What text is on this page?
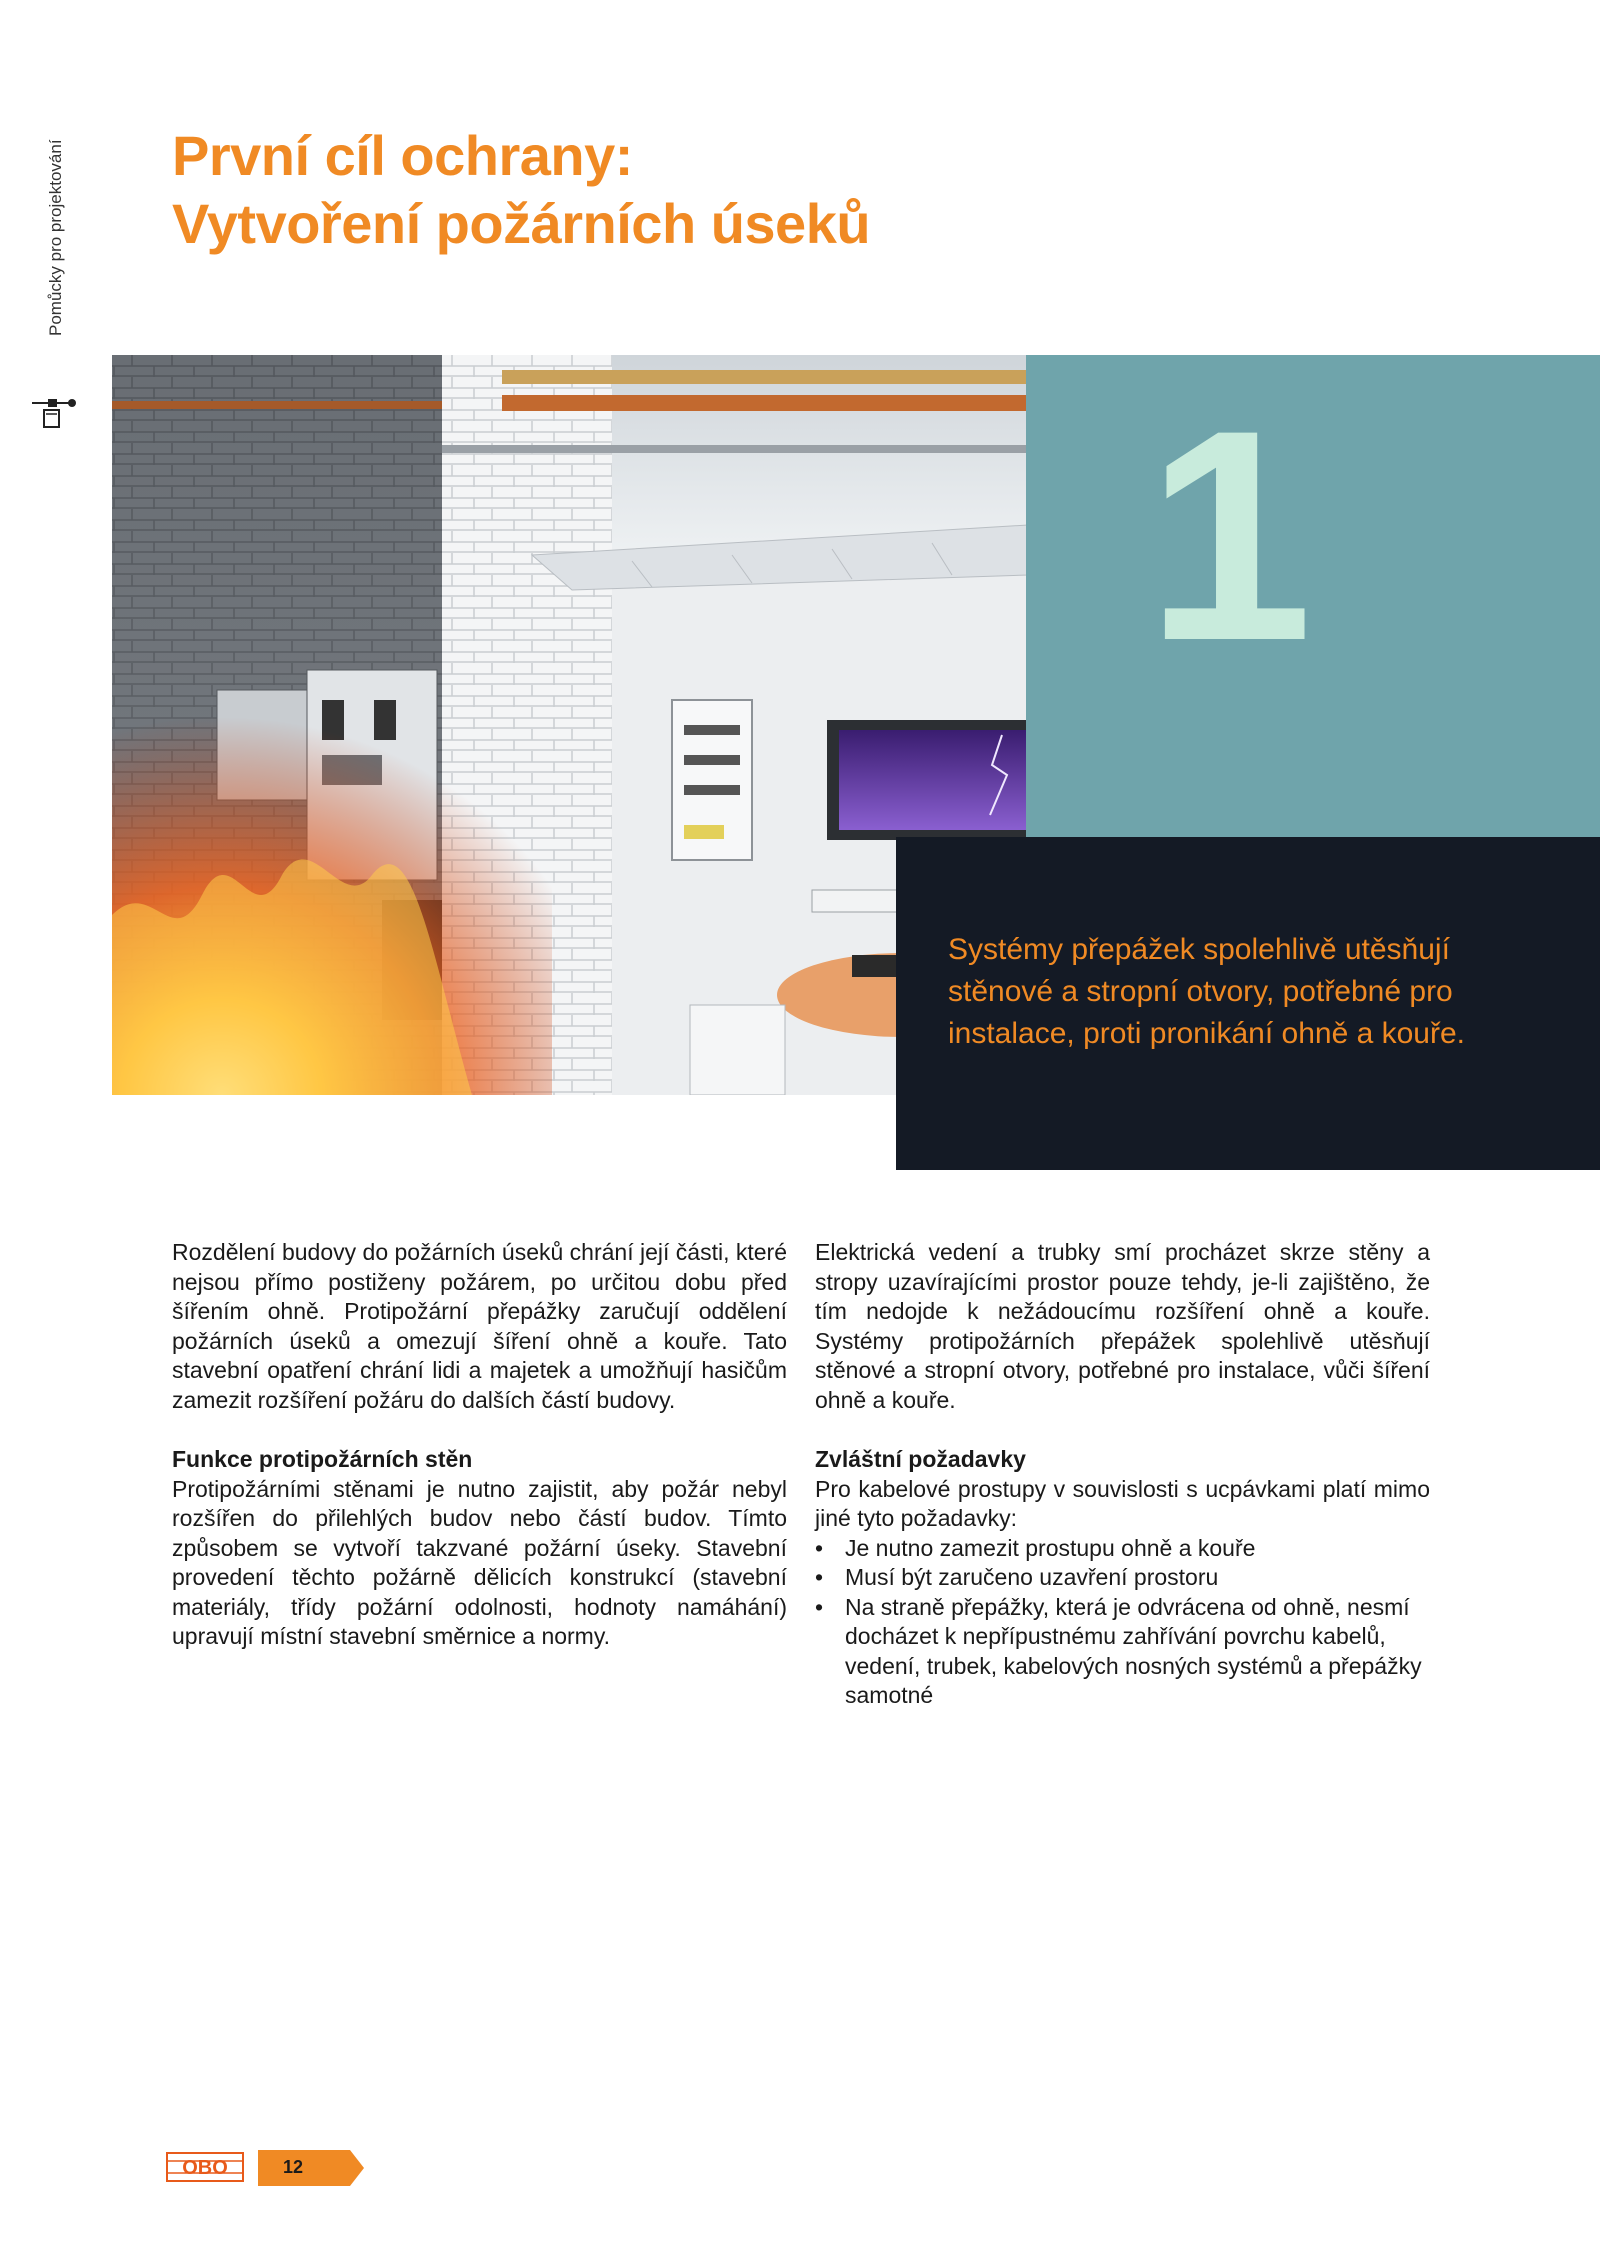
Pomůcky pro projektování První cíl ochrany:
Vytvoření požárních úseků
1

Systémy přepážek spolehlivě utěsňují stěnové a stropní otvory, potřebné pro instalace, proti pronikání ohně a kouře.

Rozdělení budovy do požárních úseků chrání její části, které nejsou přímo postiženy požárem, po určitou dobu před šířením ohně. Protipožární přepážky zaručují oddělení požárních úseků a omezují šíření ohně a kouře. Tato stavební opatření chrání lidi a majetek a umožňují hasičům zamezit rozšíření požáru do dalších částí budovy.

Funkce protipožárních stěn

Protipožárními stěnami je nutno zajistit, aby požár nebyl rozšířen do přilehlých budov nebo částí budov. Tímto způsobem se vytvoří takzvané požární úseky. Stavební provedení těchto požárně dělicích konstrukcí (stavební materiály, třídy požární odolnosti, hodnoty namáhání) upravují místní stavební směrnice a normy.

Elektrická vedení a trubky smí procházet skrze stěny a stropy uzavírajícími prostor pouze tehdy, je-li zajištěno, že tím nedojde k nežádoucímu rozšíření ohně a kouře. Systémy protipožárních přepážek spolehlivě utěsňují stěnové a stropní otvory, potřebné pro instalace, vůči šíření ohně a kouře.

Zvláštní požadavky

Pro kabelové prostupy v souvislosti s ucpávkami platí mimo jiné tyto požadavky:

• Je nutno zamezit prostupu ohně a kouře
• Musí být zaručeno uzavření prostoru
• Na straně přepážky, která je odvrácena od ohně, nesmí docházet k nepřípustnému zahřívání povrchu kabelů, vedení, trubek, kabelových nosných systémů a přepážky samotné
OBO	12
